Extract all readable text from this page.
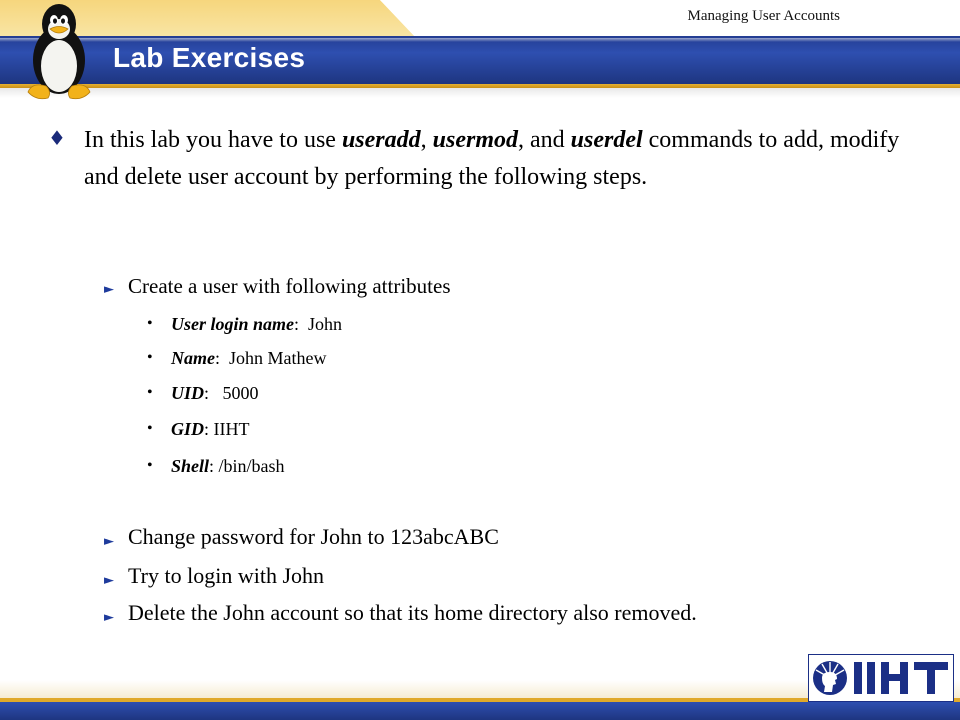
Managing User Accounts
Lab Exercises
♦ In this lab you have to use useradd, usermod, and userdel commands to add, modify and delete user account by performing the following steps.
► Create a user with following attributes
• User login name:  John
• Name:  John Mathew
• UID:   5000
• GID: IIHT
• Shell: /bin/bash
► Change password for John to 123abcABC
► Try to login with John
► Delete the John account so that its home directory also removed.
